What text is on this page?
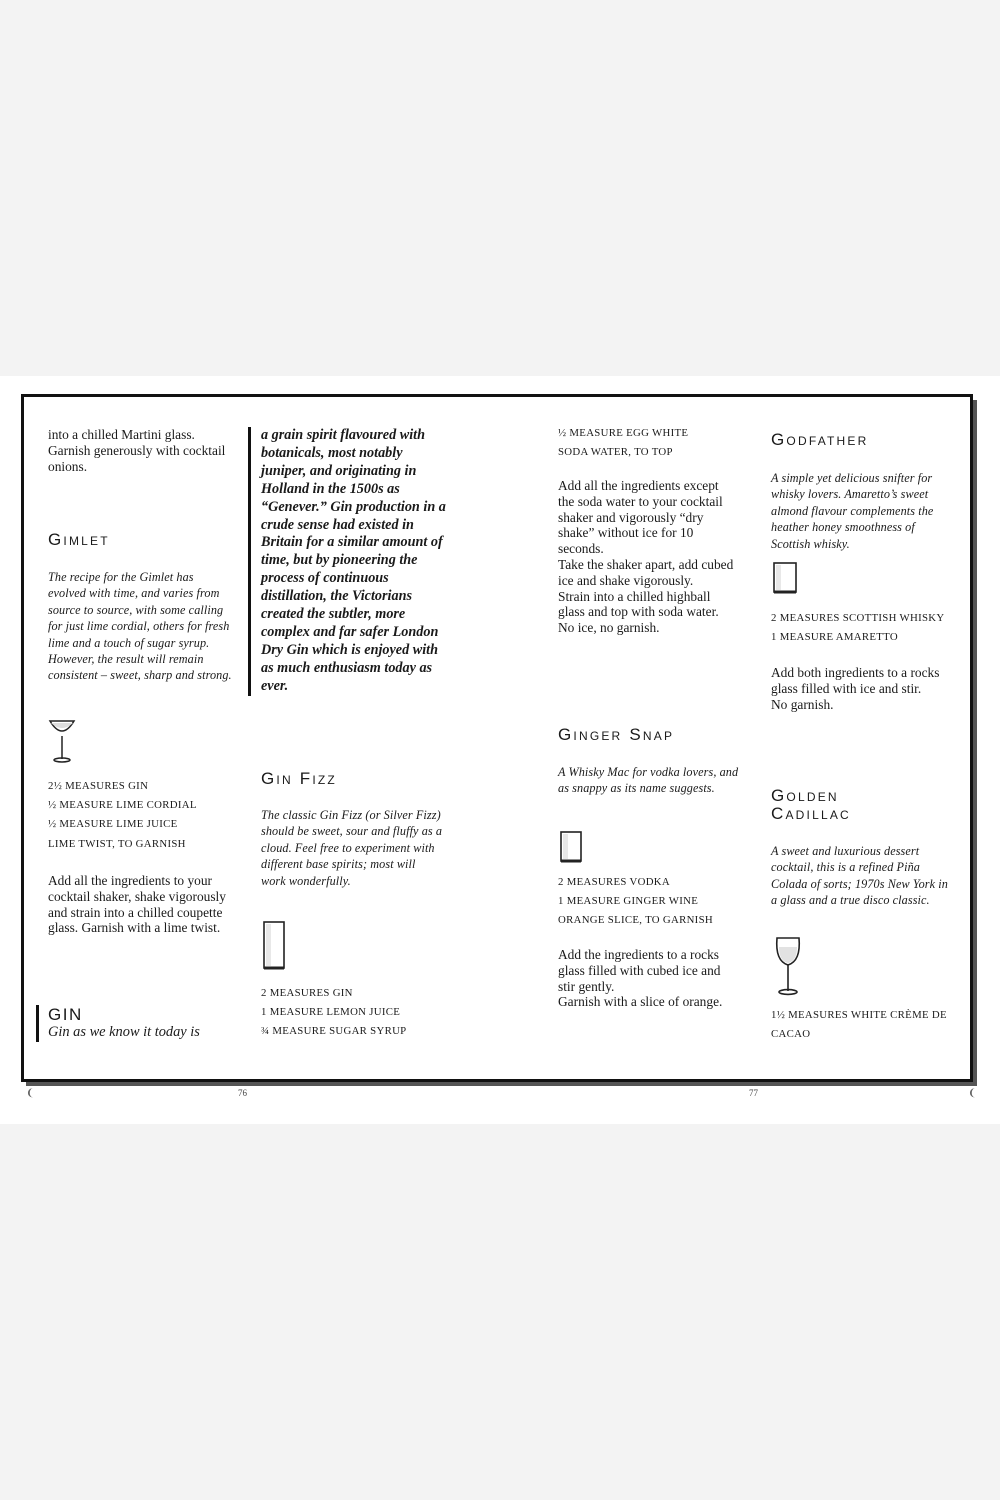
into a chilled Martini glass. Garnish generously with cocktail onions.

Gimlet

The recipe for the Gimlet has evolved with time, and varies from source to source, with some calling for just lime cordial, others for fresh lime and a touch of sugar syrup. However, the result will remain consistent – sweet, sharp and strong.

2½ MEASURES GIN
½ MEASURE LIME CORDIAL
½ MEASURE LIME JUICE
LIME TWIST, TO GARNISH

Add all the ingredients to your cocktail shaker, shake vigorously and strain into a chilled coupette glass. Garnish with a lime twist.

GIN

Gin as we know it today is

a grain spirit flavoured with botanicals, most notably juniper, and originating in Holland in the 1500s as “Genever.” Gin production in a crude sense had existed in Britain for a similar amount of time, but by pioneering the process of continuous distillation, the Victorians created the subtler, more complex and far safer London Dry Gin which is enjoyed with as much enthusiasm today as ever.

Gin Fizz

The classic Gin Fizz (or Silver Fizz) should be sweet, sour and fluffy as a cloud. Feel free to experiment with different base spirits; most will work wonderfully.

2 MEASURES GIN
1 MEASURE LEMON JUICE
¾ MEASURE SUGAR SYRUP
½ MEASURE EGG WHITE
SODA WATER, TO TOP

Add all the ingredients except the soda water to your cocktail shaker and vigorously “dry shake” without ice for 10 seconds.

Take the shaker apart, add cubed ice and shake vigorously.

Strain into a chilled highball glass and top with soda water.

No ice, no garnish.

Ginger Snap

A Whisky Mac for vodka lovers, and as snappy as its name suggests.

2 MEASURES VODKA
1 MEASURE GINGER WINE
ORANGE SLICE, TO GARNISH

Add the ingredients to a rocks glass filled with cubed ice and stir gently.

Garnish with a slice of orange.

Godfather

A simple yet delicious snifter for whisky lovers. Amaretto’s sweet almond flavour complements the heather honey smoothness of Scottish whisky.

2 MEASURES SCOTTISH WHISKY
1 MEASURE AMARETTO

Add both ingredients to a rocks glass filled with ice and stir.

No garnish.

Golden
Cadillac

A sweet and luxurious dessert cocktail, this is a refined Piña Colada of sorts; 1970s New York in a glass and a true disco classic.

1½ MEASURES WHITE CRÈME DE CACAO
76	77
❨	❨
